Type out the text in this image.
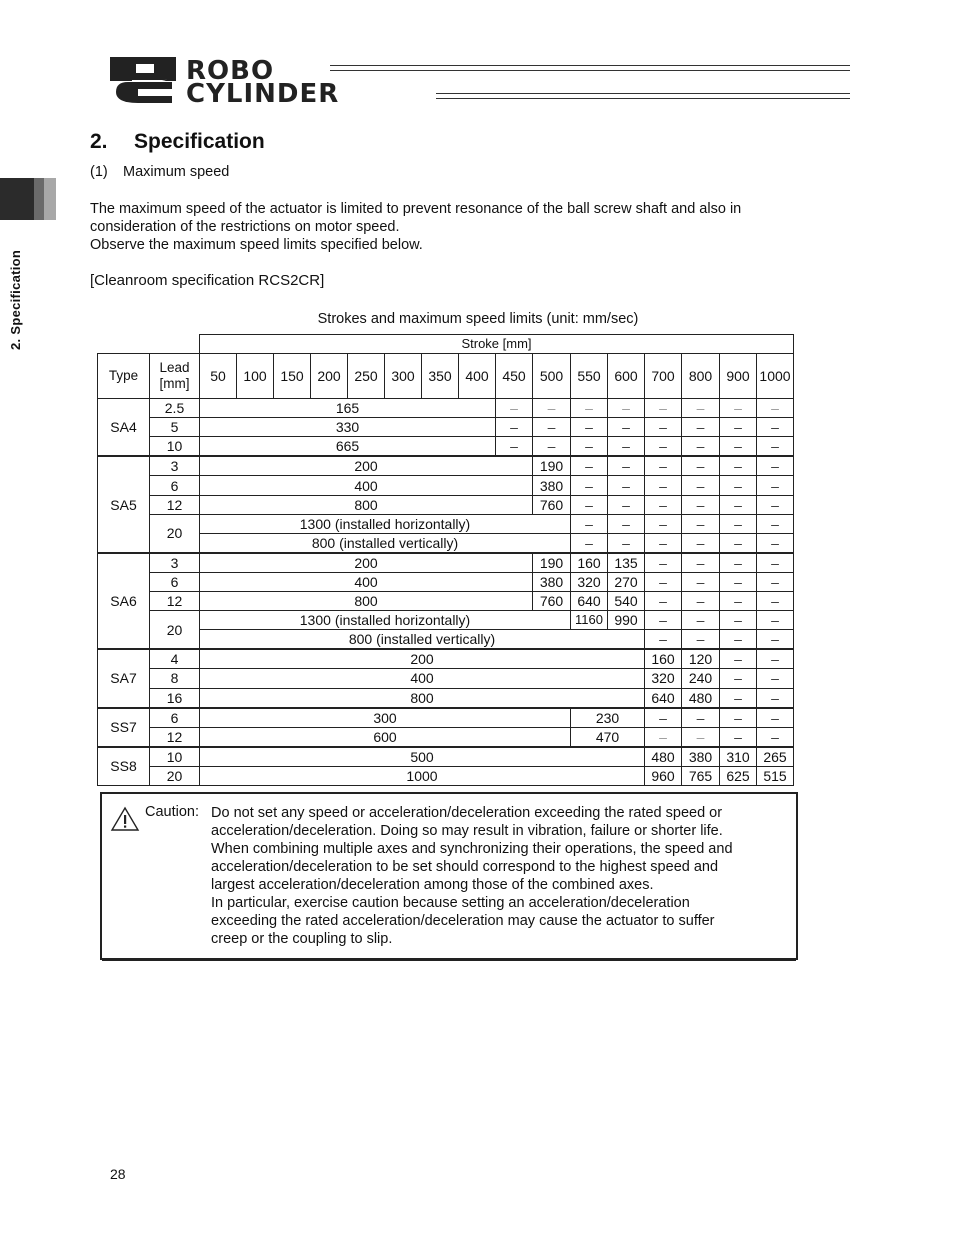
ROBO
CYLINDER
2. Specification
2. Specification
(1) Maximum speed
The maximum speed of the actuator is limited to prevent resonance of the ball screw shaft and also in
consideration of the restrictions on motor speed.
Observe the maximum speed limits specified below.
[Cleanroom specification RCS2CR]
Strokes and maximum speed limits (unit: mm/sec)
		Stroke [mm]															
Type	Lead [mm]	50	100	150	200	250	300	350	400	450	500	550	600	700	800	900	1000
SA4	2.5	165								–	–	–	–	–	–	–	–
	5	330								–	–	–	–	–	–	–	–
	10	665								–	–	–	–	–	–	–	–
SA5	3	200									190	–	–	–	–	–	–
	6	400									380	–	–	–	–	–	–
	12	800									760	–	–	–	–	–	–
	20	1300 (installed horizontally)										–	–	–	–	–	–
		800 (installed vertically)										–	–	–	–	–	–
SA6	3	200									190	160	135	–	–	–	–
	6	400									380	320	270	–	–	–	–
	12	800									760	640	540	–	–	–	–
	20	1300 (installed horizontally)										1160	990	–	–	–	–
		800 (installed vertically)												–	–	–	–
SA7	4	200												160	120	–	–
	8	400												320	240	–	–
	16	800												640	480	–	–
SS7	6	300										230		–	–	–	–
	12	600										470		–	–	–	–
SS8	10	500												480	380	310	265
	20	1000												960	765	625	515
Caution: Do not set any speed or acceleration/deceleration exceeding the rated speed or
acceleration/deceleration. Doing so may result in vibration, failure or shorter life.
When combining multiple axes and synchronizing their operations, the speed and
acceleration/deceleration to be set should correspond to the highest speed and
largest acceleration/deceleration among those of the combined axes.
In particular, exercise caution because setting an acceleration/deceleration
exceeding the rated acceleration/deceleration may cause the actuator to suffer
creep or the coupling to slip.
28
